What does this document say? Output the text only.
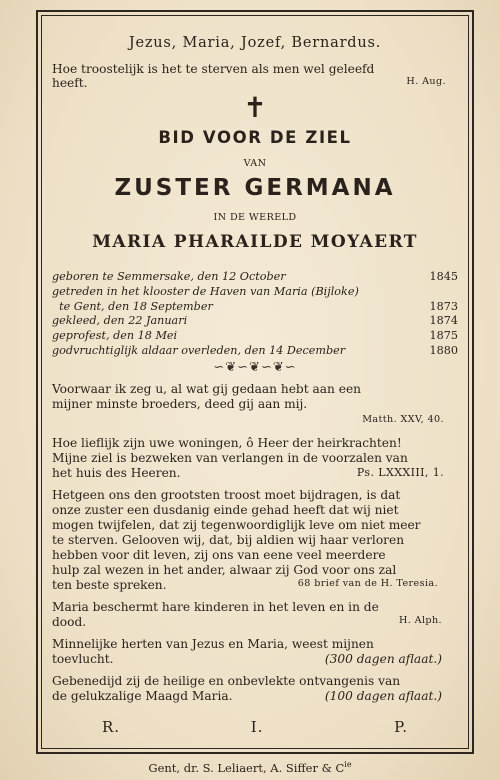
Jezus, Maria, Jozef, Bernardus.
Hoe troostelijk is het te sterven als men wel geleefd
heeft.	H. Aug.
✝
BID VOOR DE ZIEL
VAN
ZUSTER GERMANA
IN DE WERELD
MARIA PHARAILDE MOYAERT
geboren te Semmersake, den 12 October	1845
getreden in het klooster de Haven van Maria (Bijloke)
te Gent, den 18 September	1873
gekleed, den 22 Januari	1874
geprofest, den 18 Mei	1875
godvruchtiglijk aldaar overleden, den 14 December	1880
∽❦∽❦∽❦∽
Voorwaar ik zeg u, al wat gij gedaan hebt aan een
mijner minste broeders, deed gij aan mij.
Matth. XXV, 40.
Hoe lieflijk zijn uwe woningen, ô Heer der heirkrachten!
Mijne ziel is bezweken van verlangen in de voorzalen van
het huis des Heeren.	Ps. LXXXIII, 1.
Hetgeen ons den grootsten troost moet bijdragen, is dat
onze zuster een dusdanig einde gehad heeft dat wij niet
mogen twijfelen, dat zij tegenwoordiglijk leve om niet meer
te sterven. Gelooven wij, dat, bij aldien wij haar verloren
hebben voor dit leven, zij ons van eene veel meerdere
hulp zal wezen in het ander, alwaar zij God voor ons zal
ten beste spreken.	68 brief van de H. Teresia.
Maria beschermt hare kinderen in het leven en in de
dood.	H. Alph.
Minnelijke herten van Jezus en Maria, weest mijnen
toevlucht.	(300 dagen aflaat.)
Gebenedijd zij de heilige en onbevlekte ontvangenis van
de gelukzalige Maagd Maria.	(100 dagen aflaat.)
R.	I.	P.
Gent, dr. S. Leliaert, A. Siffer & $C^{ie}$
